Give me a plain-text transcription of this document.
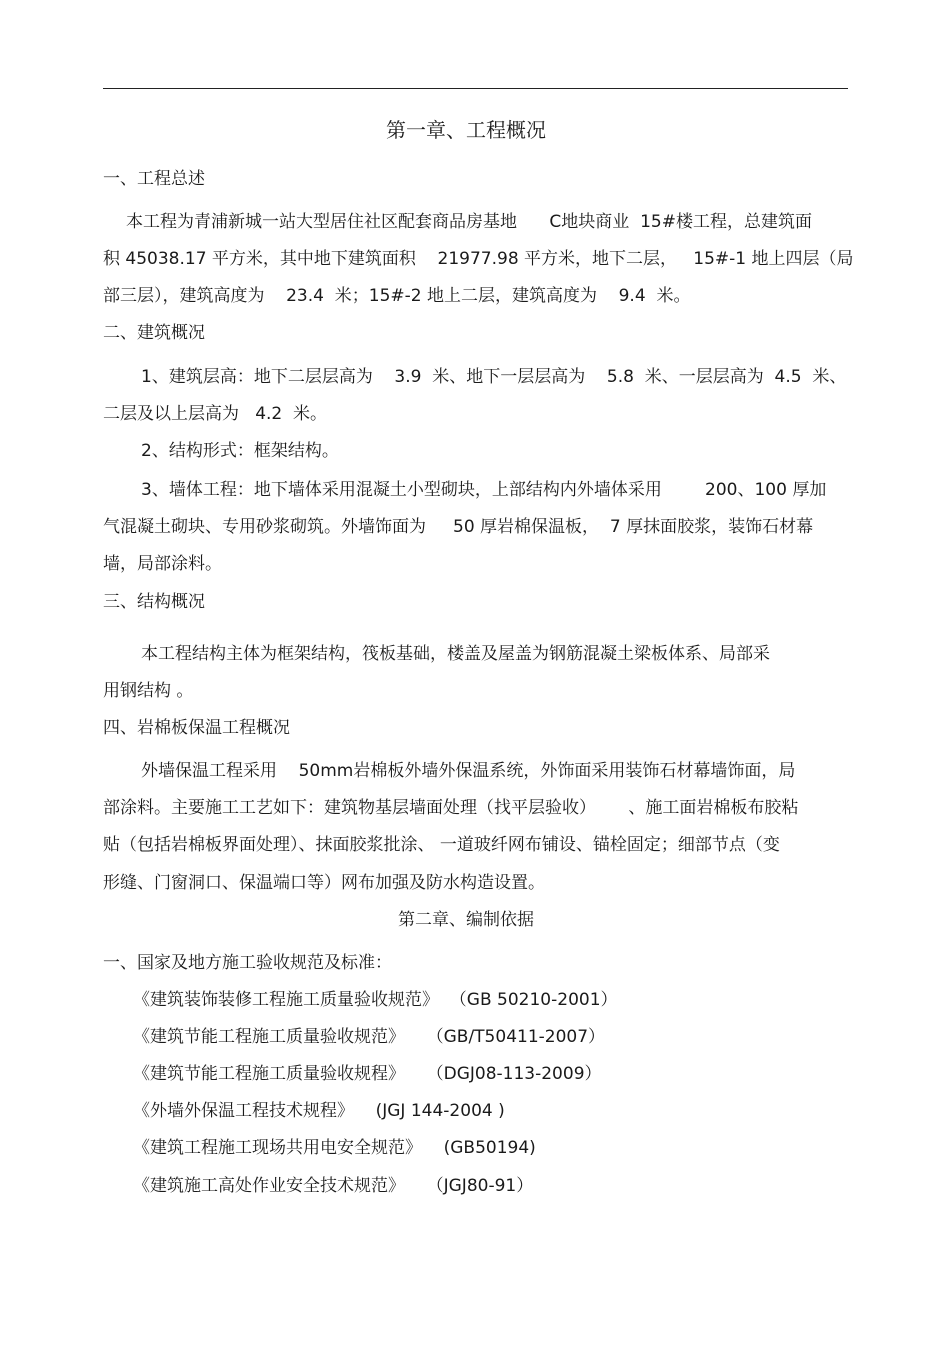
第一章、工程概况
一、工程总述
本工程为青浦新城一站大型居住社区配套商品房基地      C地块商业  15#楼工程，总建筑面
积 45038.17 平方米，其中地下建筑面积    21977.98 平方米，地下二层，   15#-1 地上四层（局
部三层），建筑高度为    23.4  米；15#-2 地上二层，建筑高度为    9.4  米。
二、建筑概况
1、建筑层高：地下二层层高为    3.9  米、地下一层层高为    5.8  米、一层层高为  4.5  米、
二层及以上层高为   4.2  米。
2、结构形式：框架结构。
3、墙体工程：地下墙体采用混凝土小型砌块，上部结构内外墙体采用        200、100 厚加
气混凝土砌块、专用砂浆砌筑。外墙饰面为     50 厚岩棉保温板，  7 厚抹面胶浆，装饰石材幕
墙，局部涂料。
三、结构概况
本工程结构主体为框架结构，筏板基础，楼盖及屋盖为钢筋混凝土梁板体系、局部采
用钢结构 。
四、岩棉板保温工程概况
外墙保温工程采用    50mm岩棉板外墙外保温系统，外饰面采用装饰石材幕墙饰面，局
部涂料。主要施工工艺如下：建筑物基层墙面处理（找平层验收）      、施工面岩棉板布胶粘
贴（包括岩棉板界面处理）、抹面胶浆批涂、 一道玻纤网布铺设、锚栓固定；细部节点（变
形缝、门窗洞口、保温端口等）网布加强及防水构造设置。
第二章、编制依据
一、国家及地方施工验收规范及标准：
《建筑装饰装修工程施工质量验收规范》  （GB 50210-2001）
《建筑节能工程施工质量验收规范》    （GB/T50411-2007）
《建筑节能工程施工质量验收规程》    （DGJ08-113-2009）
《外墙外保温工程技术规程》    (JGJ 144-2004 )
《建筑工程施工现场共用电安全规范》    (GB50194)
《建筑施工高处作业安全技术规范》    （JGJ80-91）
